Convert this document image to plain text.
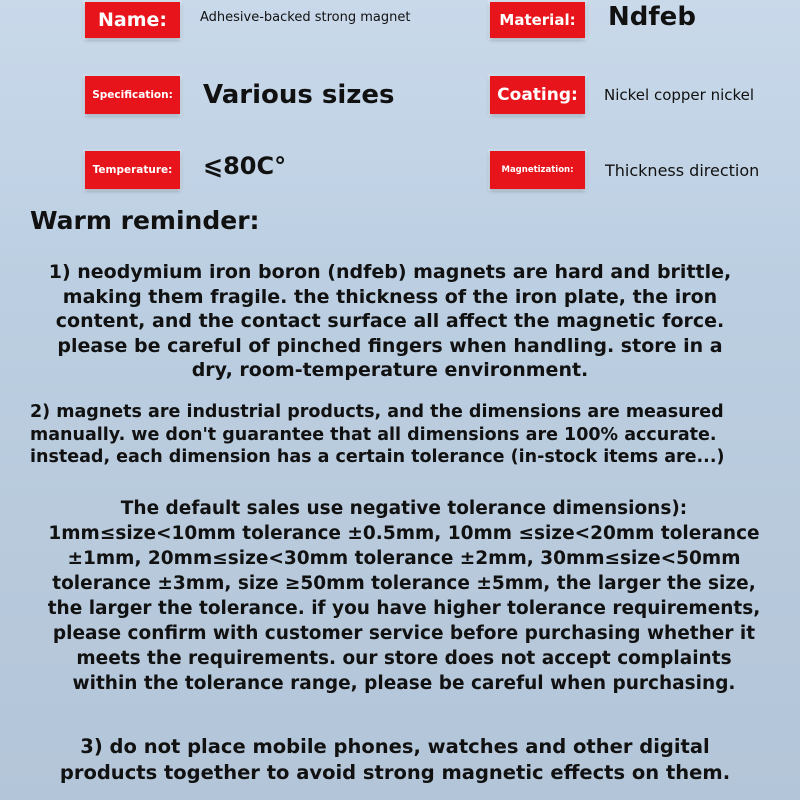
Name:	Adhesive-backed strong magnet	Material:	Ndfeb
Specification: Various sizes	Coating:	Nickel copper nickel
Temperature:	⩽80C°	Magnetization:	Thickness direction
Warm reminder:
1) neodymium iron boron (ndfeb) magnets are hard and brittle,
making them fragile. the thickness of the iron plate, the iron
content, and the contact surface all affect the magnetic force.
please be careful of pinched fingers when handling. store in a
dry, room-temperature environment.
2) magnets are industrial products, and the dimensions are measured
manually. we don't guarantee that all dimensions are 100% accurate.
instead, each dimension has a certain tolerance (in-stock items are...)
The default sales use negative tolerance dimensions):
1mm≤size<10mm tolerance ±0.5mm, 10mm ≤size<20mm tolerance
±1mm, 20mm≤size<30mm tolerance ±2mm, 30mm≤size<50mm
tolerance ±3mm, size ≥50mm tolerance ±5mm, the larger the size,
the larger the tolerance. if you have higher tolerance requirements,
please confirm with customer service before purchasing whether it
meets the requirements. our store does not accept complaints
within the tolerance range, please be careful when purchasing.
3) do not place mobile phones, watches and other digital
products together to avoid strong magnetic effects on them.
